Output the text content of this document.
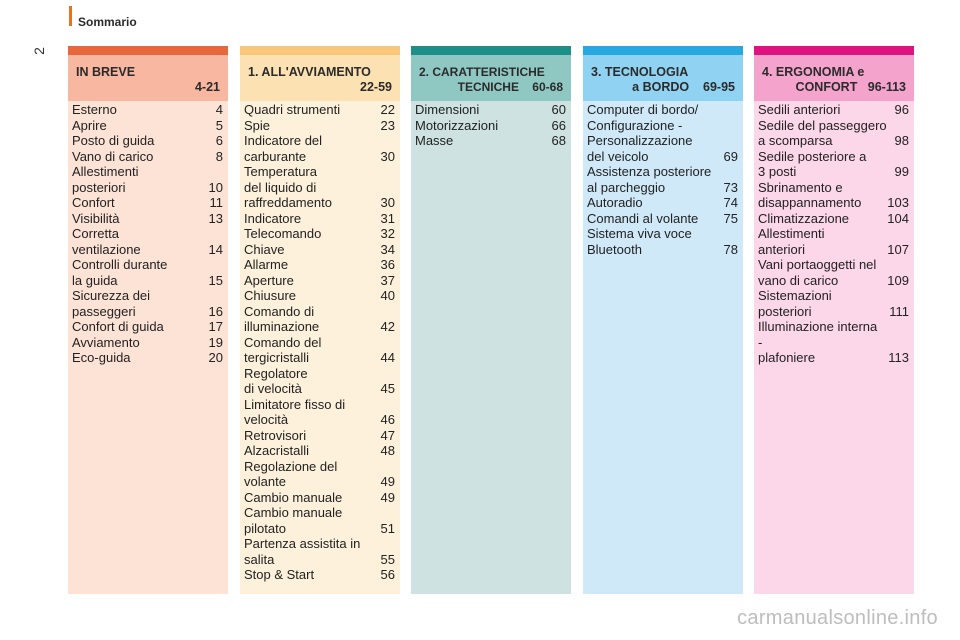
Sommario
2
IN BREVE
4-21
Esterno	4
Aprire	5
Posto di guida	6
Vano di carico	8
Allestimenti
posteriori	10
Confort	11
Visibilità	13
Corretta
ventilazione	14
Controlli durante
la guida	15
Sicurezza dei
passeggeri	16
Confort di guida	17
Avviamento	19
Eco-guida	20
1. ALL'AVVIAMENTO
22-59
Quadri strumenti	22
Spie	23
Indicatore del
carburante	30
Temperatura
del liquido di
raffreddamento	30
Indicatore	31
Telecomando	32
Chiave	34
Allarme	36
Aperture	37
Chiusure	40
Comando di
illuminazione	42
Comando del
tergicristalli	44
Regolatore
di velocità	45
Limitatore fisso di
velocità	46
Retrovisori	47
Alzacristalli	48
Regolazione del
volante	49
Cambio manuale	49
Cambio manuale
pilotato	51
Partenza assistita in
salita	55
Stop & Start	56
2. CARATTERISTICHE
TECNICHE    60-68
Dimensioni	60
Motorizzazioni	66
Masse	68
3. TECNOLOGIA
a BORDO    69-95
Computer di bordo/
Configurazione -
Personalizzazione
del veicolo	69
Assistenza posteriore
al parcheggio	73
Autoradio	74
Comandi al volante	75
Sistema viva voce
Bluetooth	78
4. ERGONOMIA e
CONFORT   96-113
Sedili anteriori	96
Sedile del passeggero
a scomparsa	98
Sedile posteriore a
3 posti	99
Sbrinamento e
disappannamento	103
Climatizzazione	104
Allestimenti
anteriori	107
Vani portaoggetti nel
vano di carico	109
Sistemazioni
posteriori	111
Illuminazione interna -
plafoniere	113
carmanualsonline.info
